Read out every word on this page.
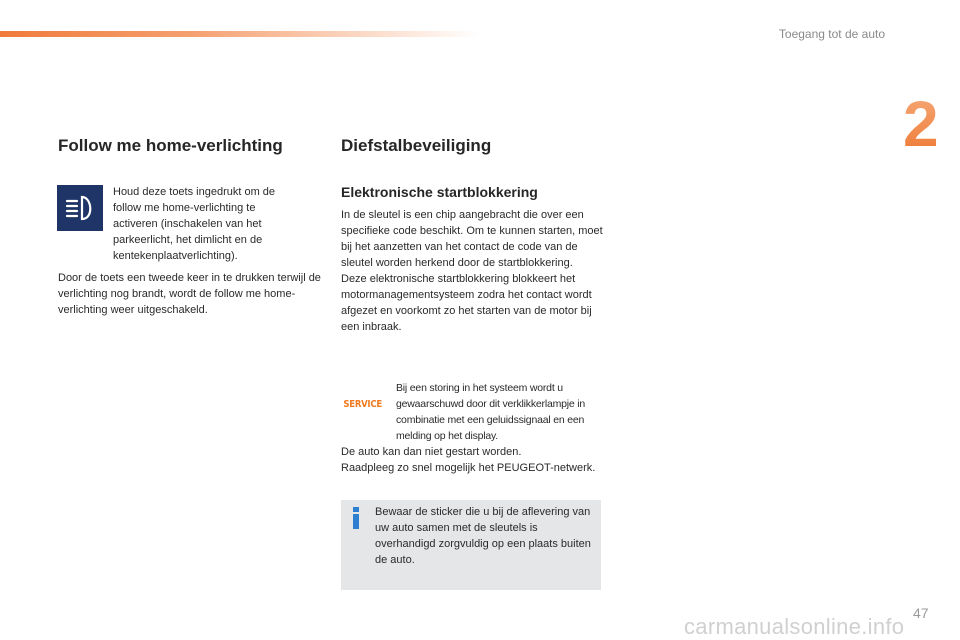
Toegang tot de auto
2
Follow me home-verlichting

Houd deze toets ingedrukt om de follow me home-verlichting te activeren (inschakelen van het parkeerlicht, het dimlicht en de kentekenplaatverlichting).

Door de toets een tweede keer in te drukken terwijl de verlichting nog brandt, wordt de follow me home-verlichting weer uitgeschakeld.

Diefstalbeveiliging
Elektronische startblokkering

In de sleutel is een chip aangebracht die over een specifieke code beschikt. Om te kunnen starten, moet bij het aanzetten van het contact de code van de sleutel worden herkend door de startblokkering.
Deze elektronische startblokkering blokkeert het motormanagementsysteem zodra het contact wordt afgezet en voorkomt zo het starten van de motor bij een inbraak.

SERVICE

Bij een storing in het systeem wordt u gewaarschuwd door dit verklikkerlampje in combinatie met een geluidssignaal en een melding op het display.

De auto kan dan niet gestart worden.
Raadpleeg zo snel mogelijk het PEUGEOT-netwerk.

Bewaar de sticker die u bij de aflevering van uw auto samen met de sleutels is overhandigd zorgvuldig op een plaats buiten de auto.

47
carmanualsonline.info
